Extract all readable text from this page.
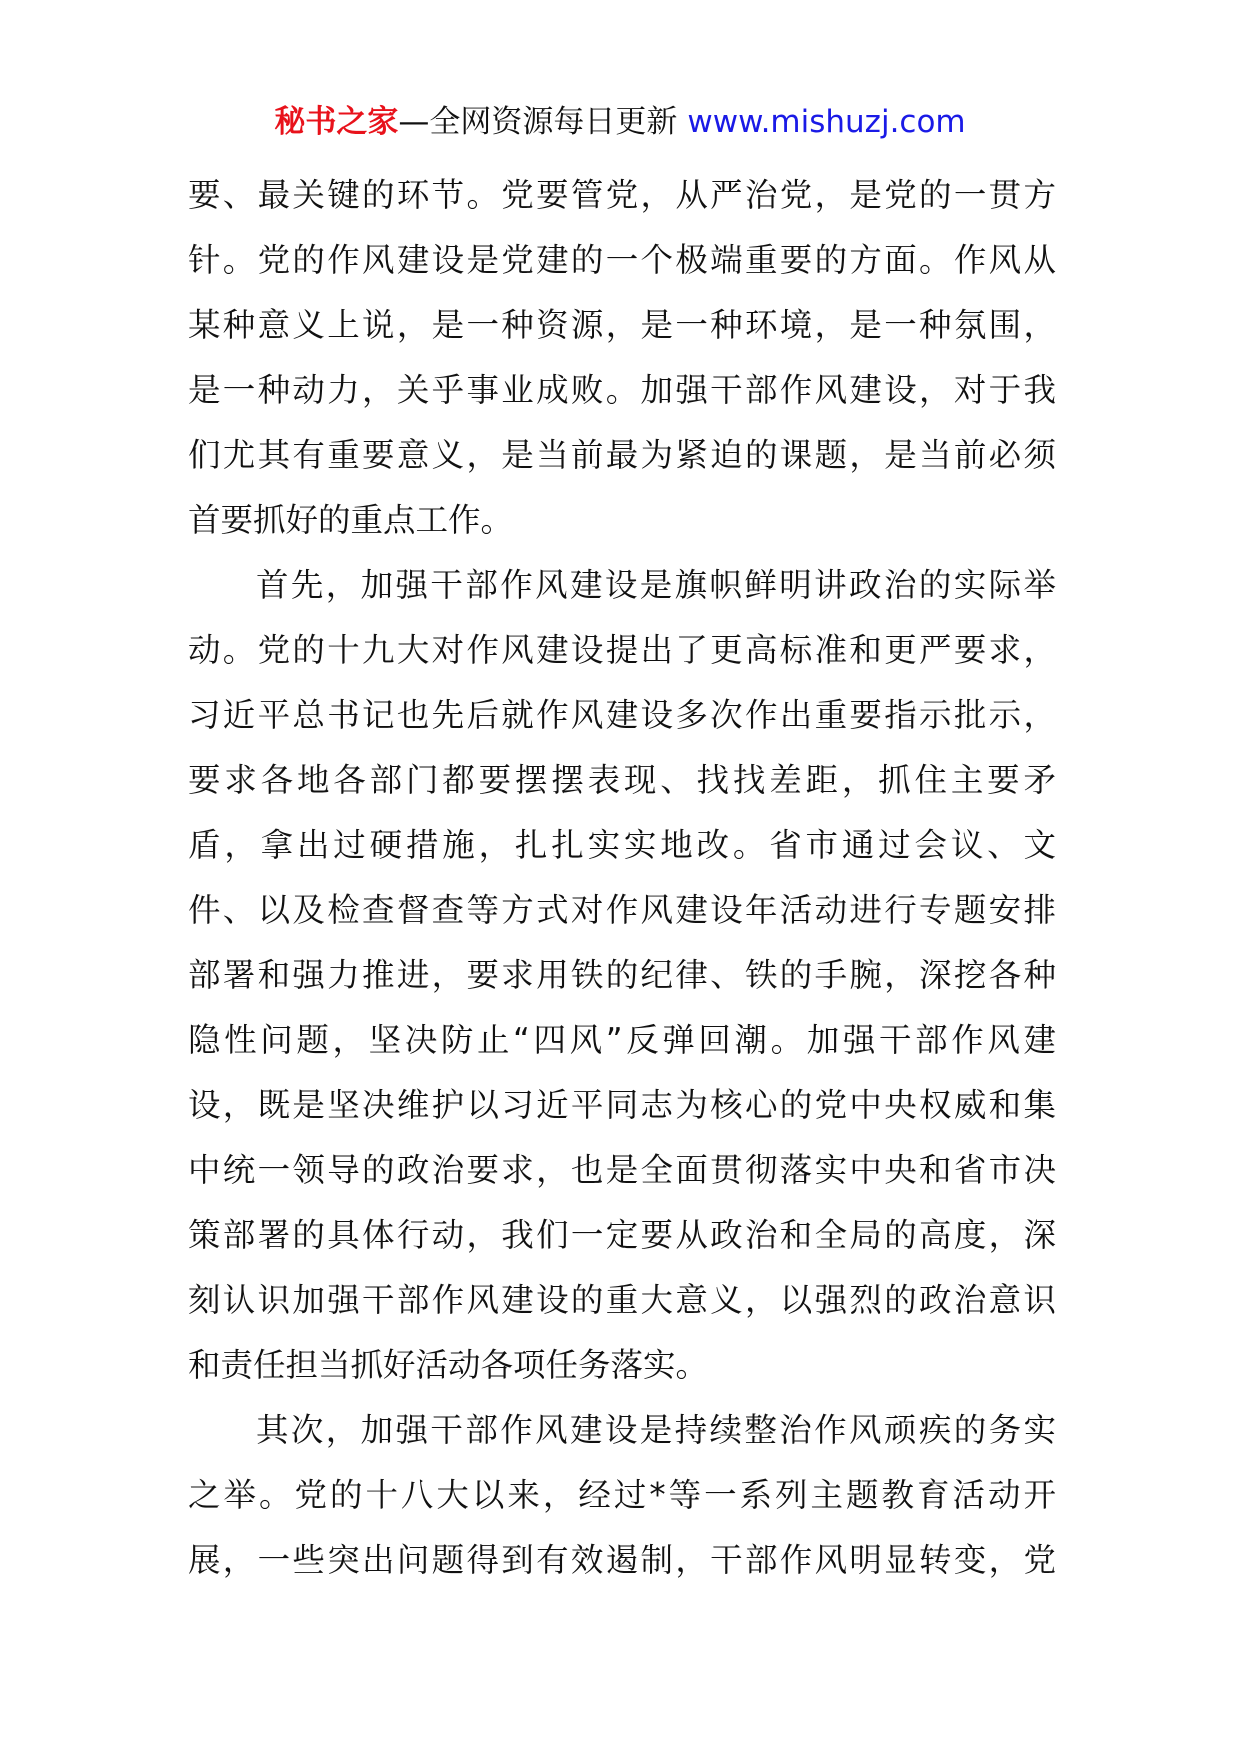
秘书之家—全网资源每日更新 www.mishuzj.com
要、最关键的环节。党要管党，从严治党，是党的一贯方
针。党的作风建设是党建的一个极端重要的方面。作风从
某种意义上说，是一种资源，是一种环境，是一种氛围，
是一种动力，关乎事业成败。加强干部作风建设，对于我
们尤其有重要意义，是当前最为紧迫的课题，是当前必须
首要抓好的重点工作。
首先，加强干部作风建设是旗帜鲜明讲政治的实际举
动。党的十九大对作风建设提出了更高标准和更严要求，
习近平总书记也先后就作风建设多次作出重要指示批示，
要求各地各部门都要摆摆表现、找找差距，抓住主要矛
盾，拿出过硬措施，扎扎实实地改。省市通过会议、文
件、以及检查督查等方式对作风建设年活动进行专题安排
部署和强力推进，要求用铁的纪律、铁的手腕，深挖各种
隐性问题，坚决防止“四风”反弹回潮。加强干部作风建
设，既是坚决维护以习近平同志为核心的党中央权威和集
中统一领导的政治要求，也是全面贯彻落实中央和省市决
策部署的具体行动，我们一定要从政治和全局的高度，深
刻认识加强干部作风建设的重大意义，以强烈的政治意识
和责任担当抓好活动各项任务落实。
其次，加强干部作风建设是持续整治作风顽疾的务实
之举。党的十八大以来，经过*等一系列主题教育活动开
展，一些突出问题得到有效遏制，干部作风明显转变，党
